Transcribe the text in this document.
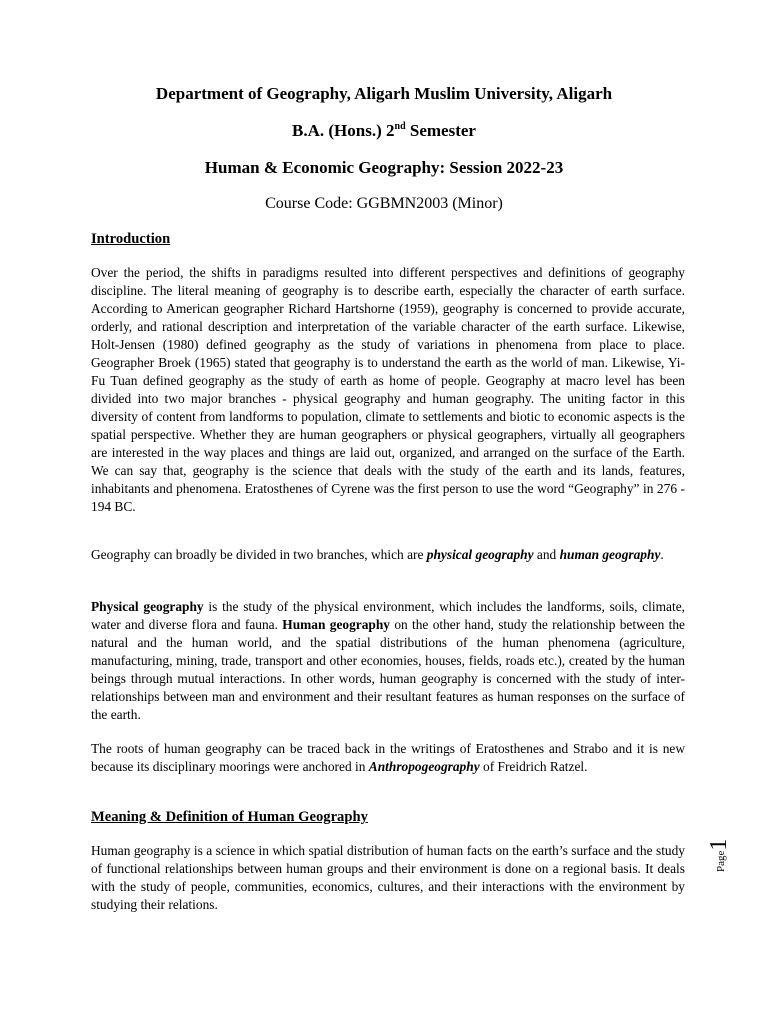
Department of Geography, Aligarh Muslim University, Aligarh
B.A. (Hons.) 2nd Semester
Human & Economic Geography: Session 2022-23
Course Code: GGBMN2003 (Minor)
Introduction
Over the period, the shifts in paradigms resulted into different perspectives and definitions of geography discipline. The literal meaning of geography is to describe earth, especially the character of earth surface. According to American geographer Richard Hartshorne (1959), geography is concerned to provide accurate, orderly, and rational description and interpretation of the variable character of the earth surface. Likewise, Holt-Jensen (1980) defined geography as the study of variations in phenomena from place to place. Geographer Broek (1965) stated that geography is to understand the earth as the world of man. Likewise, Yi-Fu Tuan defined geography as the study of earth as home of people. Geography at macro level has been divided into two major branches - physical geography and human geography. The uniting factor in this diversity of content from landforms to population, climate to settlements and biotic to economic aspects is the spatial perspective. Whether they are human geographers or physical geographers, virtually all geographers are interested in the way places and things are laid out, organized, and arranged on the surface of the Earth. We can say that, geography is the science that deals with the study of the earth and its lands, features, inhabitants and phenomena. Eratosthenes of Cyrene was the first person to use the word “Geography” in 276 - 194 BC.
Geography can broadly be divided in two branches, which are physical geography and human geography.
Physical geography is the study of the physical environment, which includes the landforms, soils, climate, water and diverse flora and fauna. Human geography on the other hand, study the relationship between the natural and the human world, and the spatial distributions of the human phenomena (agriculture, manufacturing, mining, trade, transport and other economies, houses, fields, roads etc.), created by the human beings through mutual interactions. In other words, human geography is concerned with the study of inter-relationships between man and environment and their resultant features as human responses on the surface of the earth.
The roots of human geography can be traced back in the writings of Eratosthenes and Strabo and it is new because its disciplinary moorings were anchored in Anthropogeography of Freidrich Ratzel.
Meaning & Definition of Human Geography
Human geography is a science in which spatial distribution of human facts on the earth’s surface and the study of functional relationships between human groups and their environment is done on a regional basis. It deals with the study of people, communities, economics, cultures, and their interactions with the environment by studying their relations.
Page1
